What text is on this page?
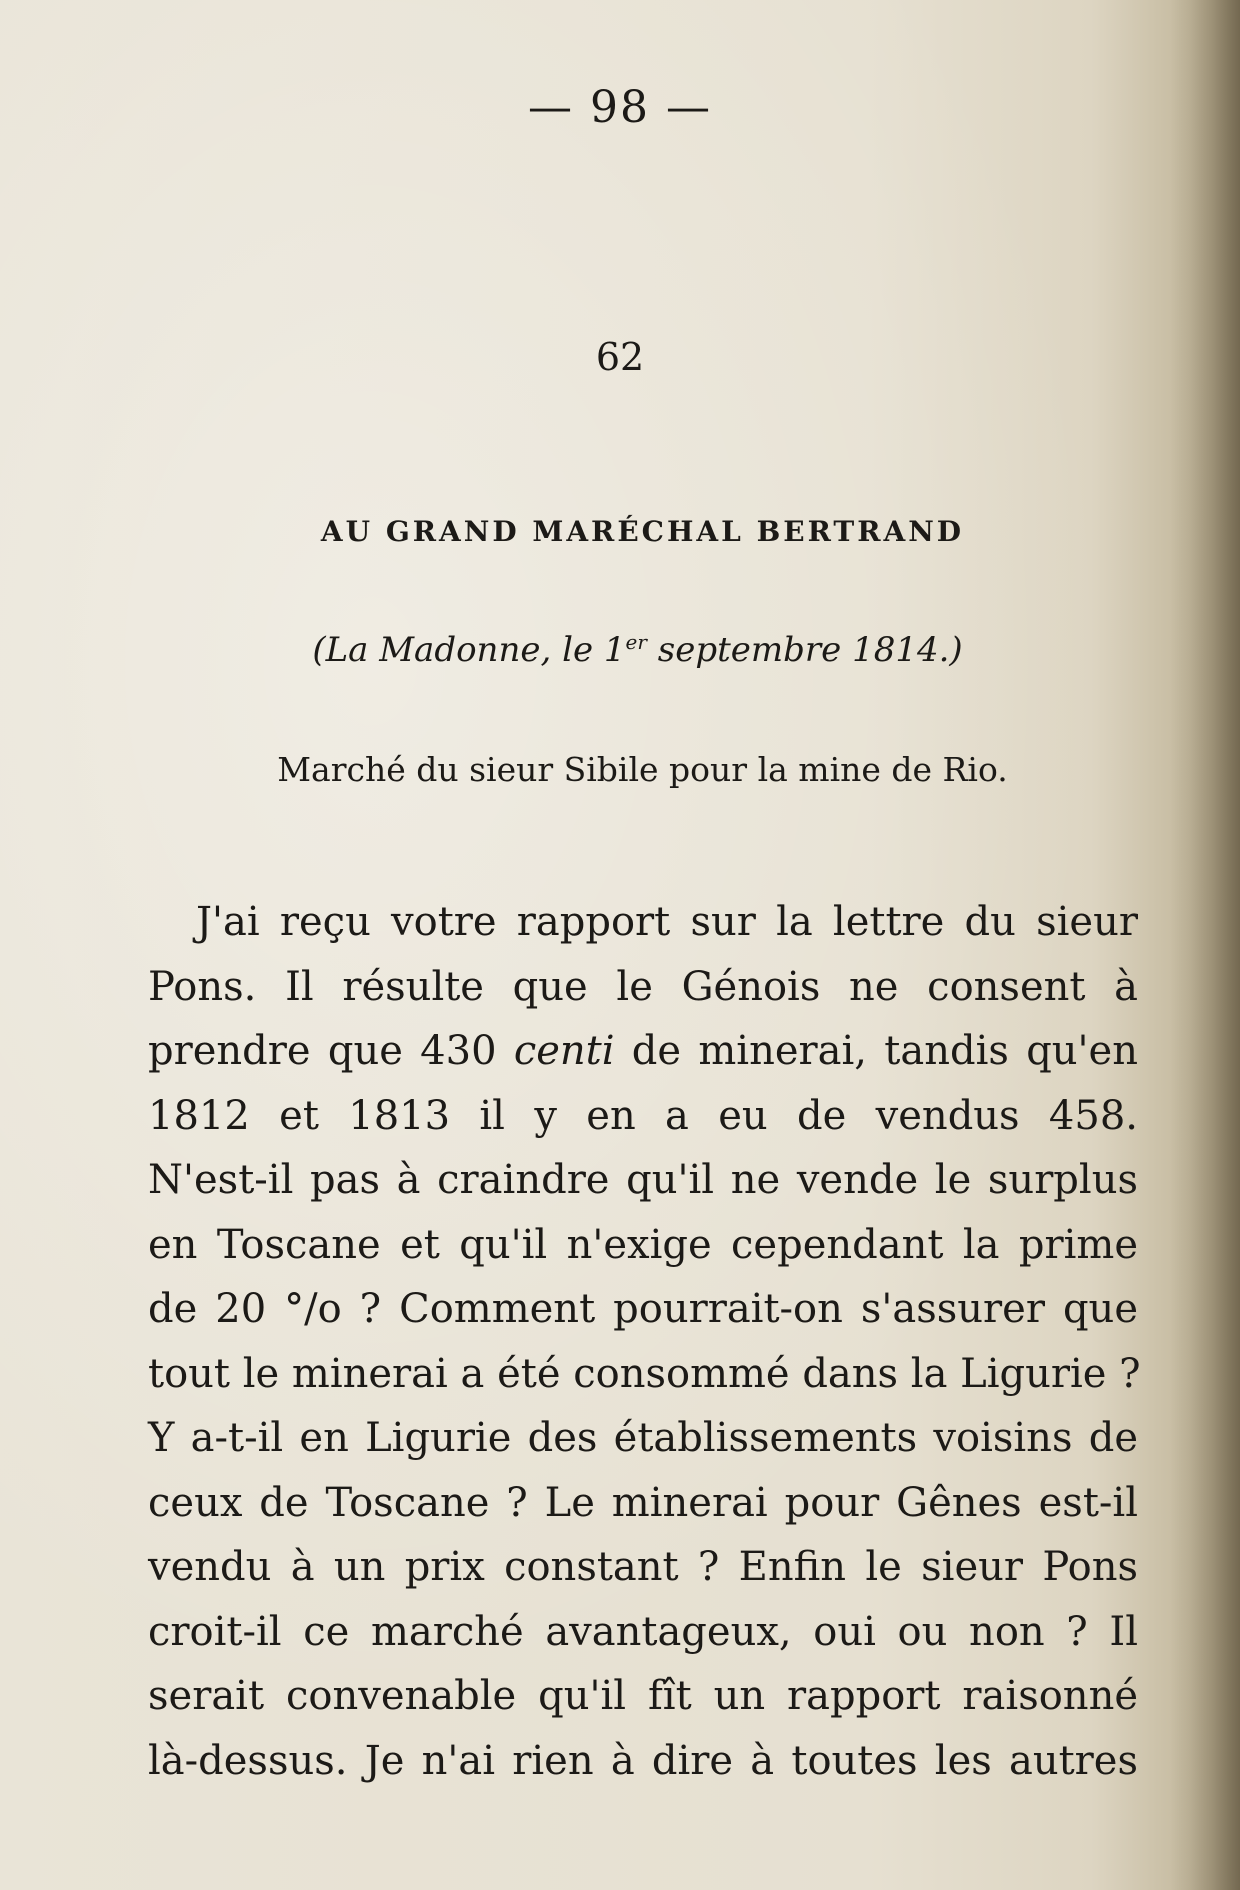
— 98 —
62
AU GRAND MARÉCHAL BERTRAND
(La Madonne, le 1er septembre 1814.)
Marché du sieur Sibile pour la mine de Rio.
J'ai reçu votre rapport sur la lettre du sieur
Pons. Il résulte que le Génois ne consent à
prendre que 430 centi de minerai, tandis qu'en
1812 et 1813 il y en a eu de vendus 458.
N'est-il pas à craindre qu'il ne vende le surplus
en Toscane et qu'il n'exige cependant la prime
de 20 °/o ? Comment pourrait-on s'assurer que
tout le minerai a été consommé dans la Ligurie ?
Y a-t-il en Ligurie des établissements voisins de
ceux de Toscane ? Le minerai pour Gênes est-il
vendu à un prix constant ? Enfin le sieur Pons
croit-il ce marché avantageux, oui ou non ? Il
serait convenable qu'il fît un rapport raisonné
là-dessus. Je n'ai rien à dire à toutes les autres
